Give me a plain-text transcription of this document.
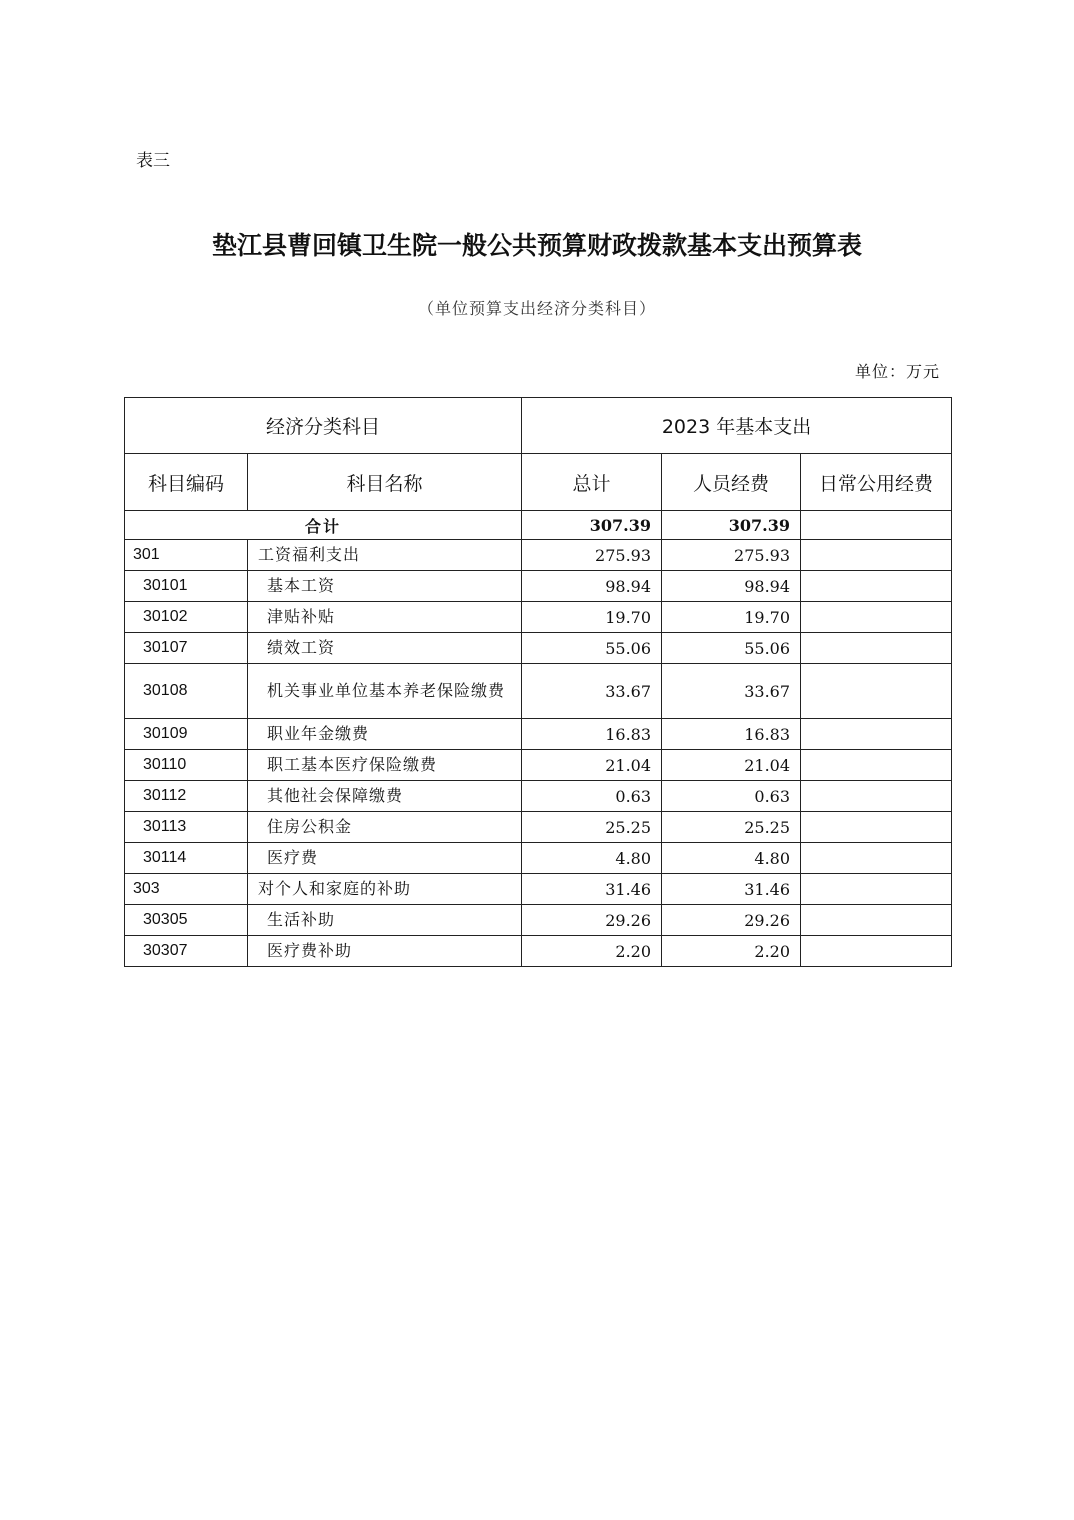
表三
垫江县曹回镇卫生院一般公共预算财政拨款基本支出预算表
（单位预算支出经济分类科目）
单位：万元
经济分类科目		2023 年基本支出		
科目编码	科目名称	总计	人员经费	日常公用经费
合计		307.39	307.39	
301	工资福利支出	275.93	275.93	
30101	基本工资	98.94	98.94	
30102	津贴补贴	19.70	19.70	
30107	绩效工资	55.06	55.06	
30108	机关事业单位基本养老保险缴费	33.67	33.67	
30109	职业年金缴费	16.83	16.83	
30110	职工基本医疗保险缴费	21.04	21.04	
30112	其他社会保障缴费	0.63	0.63	
30113	住房公积金	25.25	25.25	
30114	医疗费	4.80	4.80	
303	对个人和家庭的补助	31.46	31.46	
30305	生活补助	29.26	29.26	
30307	医疗费补助	2.20	2.20	
